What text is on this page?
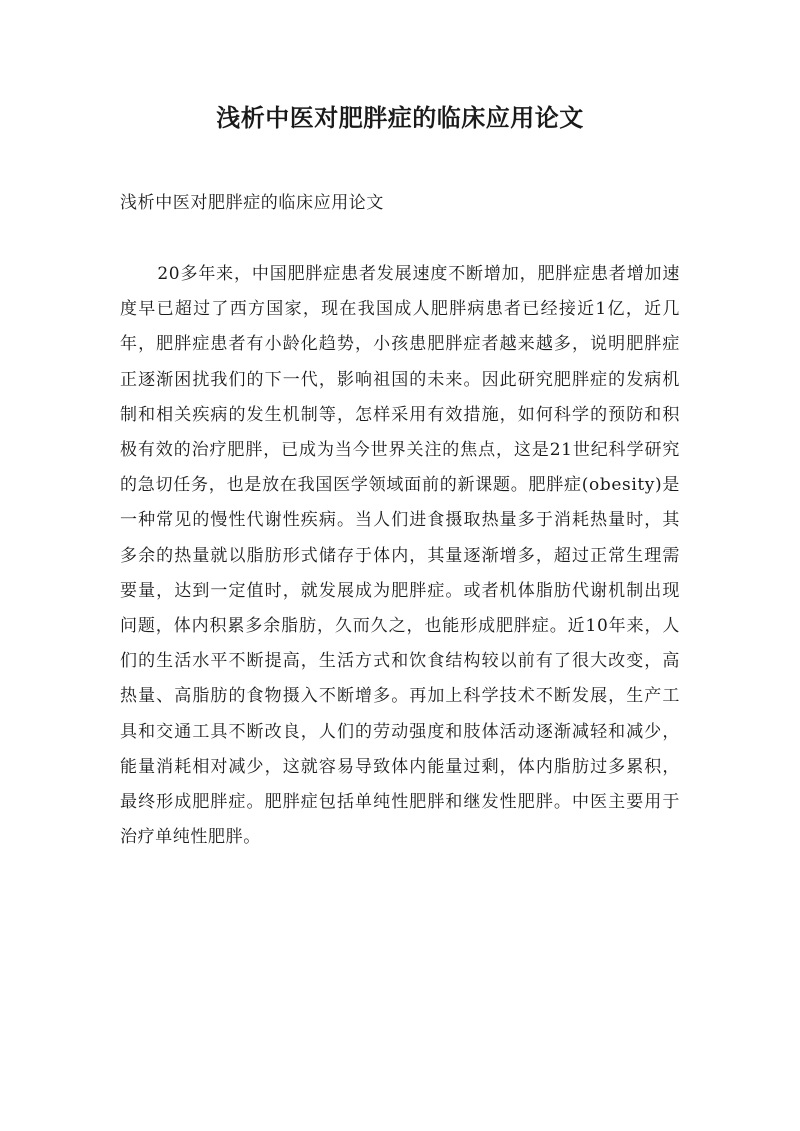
浅析中医对肥胖症的临床应用论文

浅析中医对肥胖症的临床应用论文

20多年来，中国肥胖症患者发展速度不断增加，肥胖症患者增加速度早已超过了西方国家，现在我国成人肥胖病患者已经接近1亿，近几年，肥胖症患者有小龄化趋势，小孩患肥胖症者越来越多，说明肥胖症正逐渐困扰我们的下一代，影响祖国的未来。因此研究肥胖症的发病机制和相关疾病的发生机制等，怎样采用有效措施，如何科学的预防和积极有效的治疗肥胖，已成为当今世界关注的焦点，这是21世纪科学研究的急切任务，也是放在我国医学领域面前的新课题。肥胖症(obesity)是一种常见的慢性代谢性疾病。当人们进食摄取热量多于消耗热量时，其多余的热量就以脂肪形式储存于体内，其量逐渐增多，超过正常生理需要量，达到一定值时，就发展成为肥胖症。或者机体脂肪代谢机制出现问题，体内积累多余脂肪，久而久之，也能形成肥胖症。近10年来，人们的生活水平不断提高，生活方式和饮食结构较以前有了很大改变，高热量、高脂肪的食物摄入不断增多。再加上科学技术不断发展，生产工具和交通工具不断改良，人们的劳动强度和肢体活动逐渐减轻和减少，能量消耗相对减少，这就容易导致体内能量过剩，体内脂肪过多累积，最终形成肥胖症。肥胖症包括单纯性肥胖和继发性肥胖。中医主要用于治疗单纯性肥胖。
